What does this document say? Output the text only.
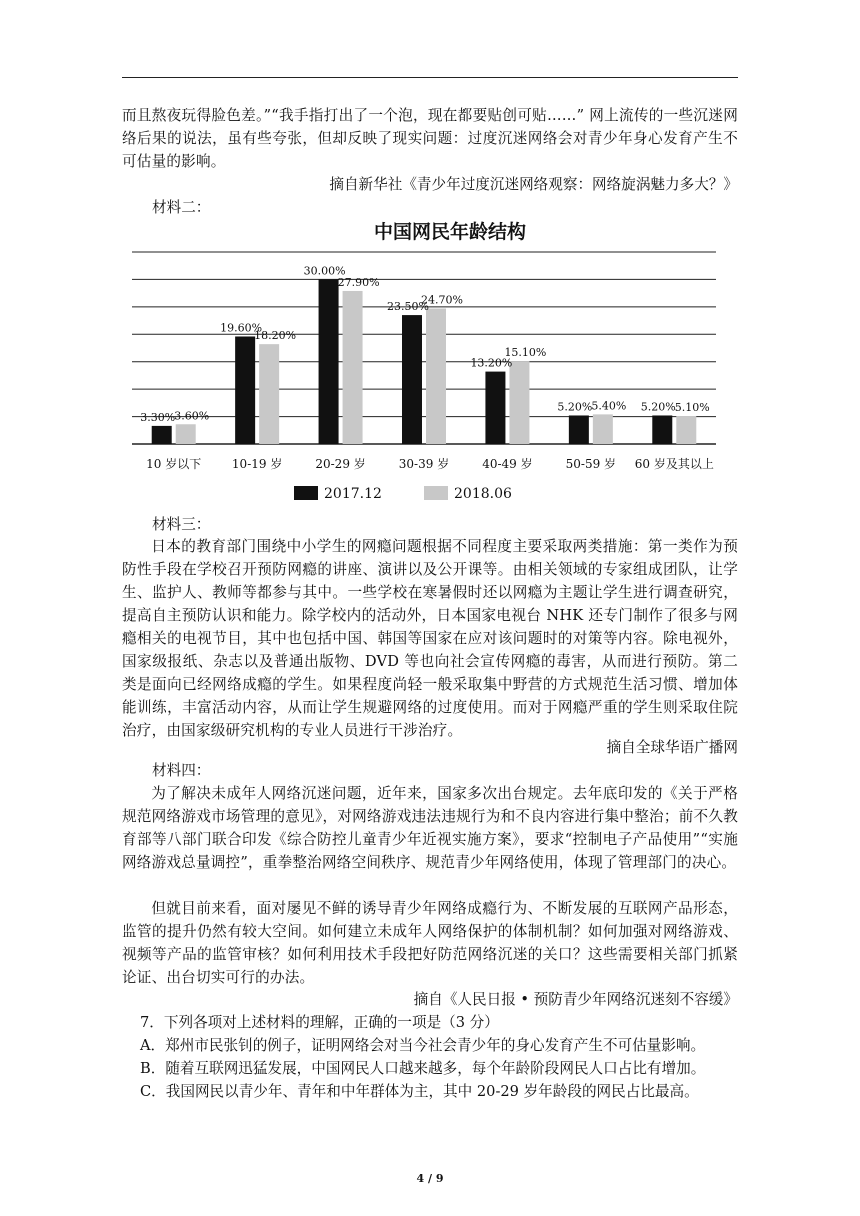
而且熬夜玩得脸色差。”“我手指打出了一个泡，现在都要贴创可贴……” 网上流传的一些沉迷网络后果的说法，虽有些夸张，但却反映了现实问题：过度沉迷网络会对青少年身心发育产生不可估量的影响。

摘自新华社《青少年过度沉迷网络观察：网络旋涡魅力多大？》
材料二：
中国网民年龄结构
3.30% 3.60%
19.60%
18.20%
30.00%
27.90%
23.50%
24.70%
13.20%
15.10%
5.20% 5.40% 5.20% 5.10%
10 岁以下	10-19 岁	20-29 岁	30-39 岁	40-49 岁	50-59 岁 60 岁及其以上
2017.12	2018.06
材料三：

日本的教育部门围绕中小学生的网瘾问题根据不同程度主要采取两类措施：第一类作为预防性手段在学校召开预防网瘾的讲座、演讲以及公开课等。由相关领域的专家组成团队，让学生、监护人、教师等都参与其中。一些学校在寒暑假时还以网瘾为主题让学生进行调查研究，提高自主预防认识和能力。除学校内的活动外，日本国家电视台 NHK 还专门制作了很多与网瘾相关的电视节目，其中也包括中国、韩国等国家在应对该问题时的对策等内容。除电视外，国家级报纸、杂志以及普通出版物、DVD 等也向社会宣传网瘾的毒害，从而进行预防。第二类是面向已经网络成瘾的学生。如果程度尚轻一般采取集中野营的方式规范生活习惯、增加体能训练，丰富活动内容，从而让学生规避网络的过度使用。而对于网瘾严重的学生则采取住院治疗，由国家级研究机构的专业人员进行干涉治疗。

摘自全球华语广播网
材料四：

为了解决未成年人网络沉迷问题，近年来，国家多次出台规定。去年底印发的《关于严格规范网络游戏市场管理的意见》，对网络游戏违法违规行为和不良内容进行集中整治；前不久教育部等八部门联合印发《综合防控儿童青少年近视实施方案》，要求“控制电子产品使用”“实施网络游戏总量调控”，重拳整治网络空间秩序、规范青少年网络使用，体现了管理部门的决心。

但就目前来看，面对屡见不鲜的诱导青少年网络成瘾行为、不断发展的互联网产品形态，监管的提升仍然有较大空间。如何建立未成年人网络保护的体制机制？如何加强对网络游戏、视频等产品的监管审核？如何利用技术手段把好防范网络沉迷的关口？这些需要相关部门抓紧论证、出台切实可行的办法。

摘自《人民日报 • 预防青少年网络沉迷刻不容缓》
7．下列各项对上述材料的理解，正确的一项是（3 分）
A．郑州市民张钊的例子，证明网络会对当今社会青少年的身心发育产生不可估量影响。
B．随着互联网迅猛发展，中国网民人口越来越多，每个年龄阶段网民人口占比有增加。
C．我国网民以青少年、青年和中年群体为主，其中 20-29 岁年龄段的网民占比最高。
4 / 9
